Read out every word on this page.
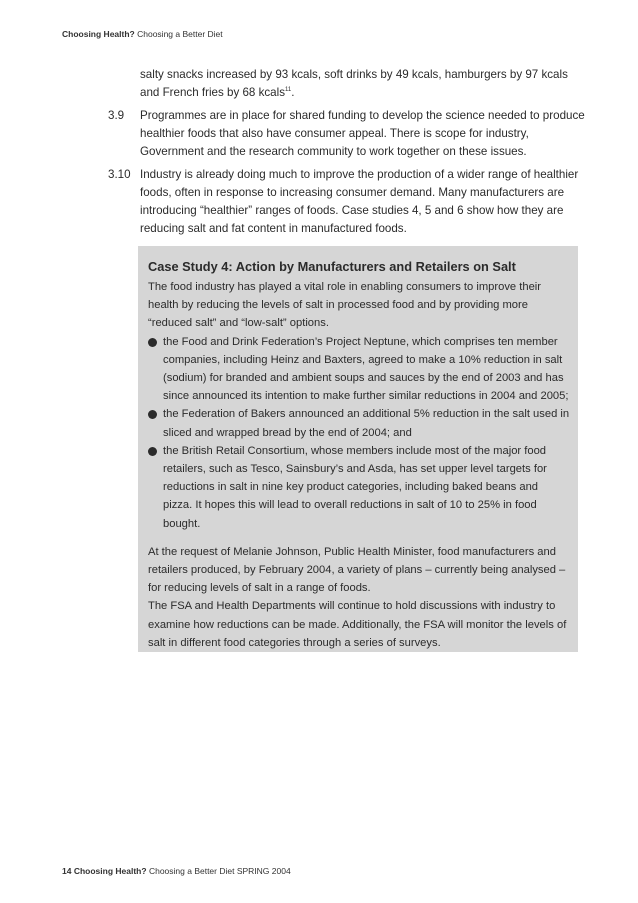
Choosing Health? Choosing a Better Diet
salty snacks increased by 93 kcals, soft drinks by 49 kcals, hamburgers by 97 kcals and French fries by 68 kcals$^{11}$.
3.9 Programmes are in place for shared funding to develop the science needed to produce healthier foods that also have consumer appeal. There is scope for industry, Government and the research community to work together on these issues.
3.10 Industry is already doing much to improve the production of a wider range of healthier foods, often in response to increasing consumer demand. Many manufacturers are introducing “healthier” ranges of foods. Case studies 4, 5 and 6 show how they are reducing salt and fat content in manufactured foods.
Case Study 4: Action by Manufacturers and Retailers on Salt

The food industry has played a vital role in enabling consumers to improve their health by reducing the levels of salt in processed food and by providing more “reduced salt” and “low-salt” options.

the Food and Drink Federation’s Project Neptune, which comprises ten member companies, including Heinz and Baxters, agreed to make a 10% reduction in salt (sodium) for branded and ambient soups and sauces by the end of 2003 and has since announced its intention to make further similar reductions in 2004 and 2005;
the Federation of Bakers announced an additional 5% reduction in the salt used in sliced and wrapped bread by the end of 2004; and
the British Retail Consortium, whose members include most of the major food retailers, such as Tesco, Sainsbury’s and Asda, has set upper level targets for reductions in salt in nine key product categories, including baked beans and pizza. It hopes this will lead to overall reductions in salt of 10 to 25% in food bought.

At the request of Melanie Johnson, Public Health Minister, food manufacturers and retailers produced, by February 2004, a variety of plans – currently being analysed – for reducing levels of salt in a range of foods.

The FSA and Health Departments will continue to hold discussions with industry to examine how reductions can be made. Additionally, the FSA will monitor the levels of salt in different food categories through a series of surveys.

14 Choosing Health? Choosing a Better Diet SPRING 2004
